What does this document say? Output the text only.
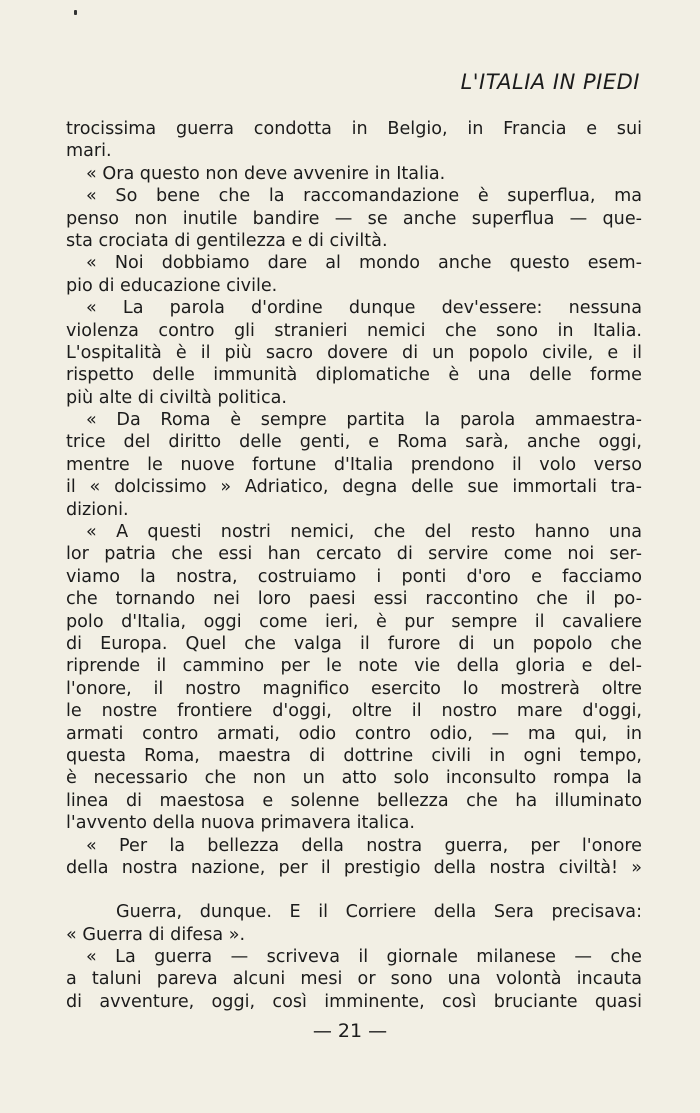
L'ITALIA IN PIEDI
trocissima guerra condotta in Belgio, in Francia e sui
mari.
« Ora questo non deve avvenire in Italia.
« So bene che la raccomandazione è superflua, ma
penso non inutile bandire — se anche superflua — que-
sta crociata di gentilezza e di civiltà.
« Noi dobbiamo dare al mondo anche questo esem-
pio di educazione civile.
« La parola d'ordine dunque dev'essere: nessuna
violenza contro gli stranieri nemici che sono in Italia.
L'ospitalità è il più sacro dovere di un popolo civile, e il
rispetto delle immunità diplomatiche è una delle forme
più alte di civiltà politica.
« Da Roma è sempre partita la parola ammaestra-
trice del diritto delle genti, e Roma sarà, anche oggi,
mentre le nuove fortune d'Italia prendono il volo verso
il « dolcissimo » Adriatico, degna delle sue immortali tra-
dizioni.
« A questi nostri nemici, che del resto hanno una
lor patria che essi han cercato di servire come noi ser-
viamo la nostra, costruiamo i ponti d'oro e facciamo
che tornando nei loro paesi essi raccontino che il po-
polo d'Italia, oggi come ieri, è pur sempre il cavaliere
di Europa. Quel che valga il furore di un popolo che
riprende il cammino per le note vie della gloria e del-
l'onore, il nostro magnifico esercito lo mostrerà oltre
le nostre frontiere d'oggi, oltre il nostro mare d'oggi,
armati contro armati, odio contro odio, — ma qui, in
questa Roma, maestra di dottrine civili in ogni tempo,
è necessario che non un atto solo inconsulto rompa la
linea di maestosa e solenne bellezza che ha illuminato
l'avvento della nuova primavera italica.
« Per la bellezza della nostra guerra, per l'onore
della nostra nazione, per il prestigio della nostra civiltà! »
Guerra, dunque. E il Corriere della Sera precisava:
« Guerra di difesa ».
« La guerra — scriveva il giornale milanese — che
a taluni pareva alcuni mesi or sono una volontà incauta
di avventure, oggi, così imminente, così bruciante quasi
— 21 —
